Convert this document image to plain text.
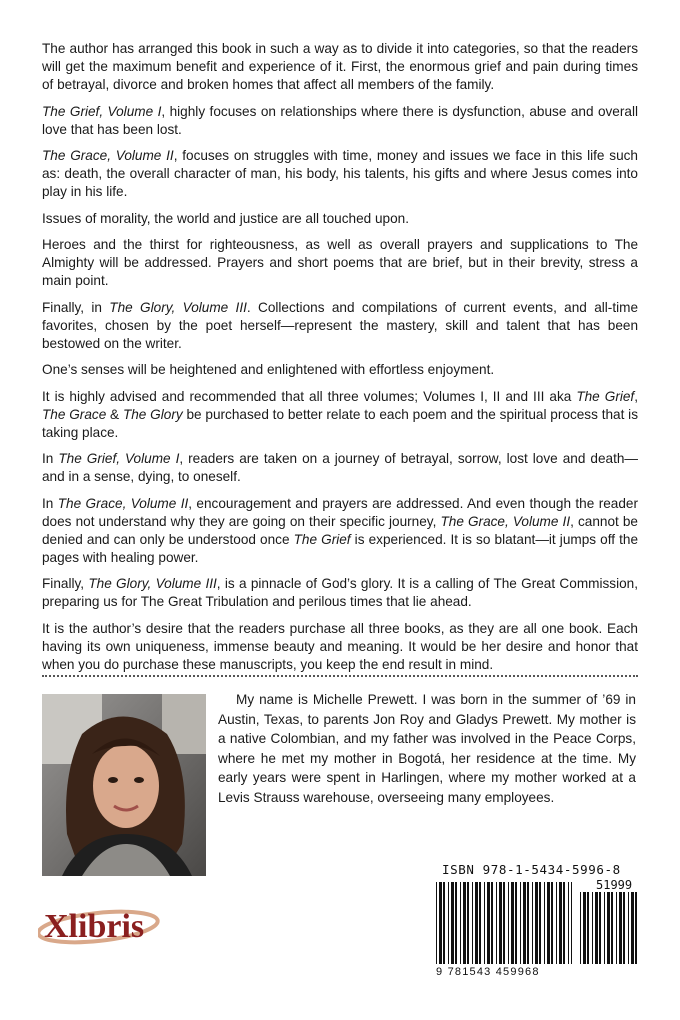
The author has arranged this book in such a way as to divide it into categories, so that the readers will get the maximum benefit and experience of it. First, the enormous grief and pain during times of betrayal, divorce and broken homes that affect all members of the family.

The Grief, Volume I, highly focuses on relationships where there is dysfunction, abuse and overall love that has been lost.

The Grace, Volume II, focuses on struggles with time, money and issues we face in this life such as: death, the overall character of man, his body, his talents, his gifts and where Jesus comes into play in his life.

Issues of morality, the world and justice are all touched upon.

Heroes and the thirst for righteousness, as well as overall prayers and supplications to The Almighty will be addressed. Prayers and short poems that are brief, but in their brevity, stress a main point.

Finally, in The Glory, Volume III. Collections and compilations of current events, and all-time favorites, chosen by the poet herself—represent the mastery, skill and talent that has been bestowed on the writer.

One’s senses will be heightened and enlightened with effortless enjoyment.

It is highly advised and recommended that all three volumes; Volumes I, II and III aka The Grief, The Grace & The Glory be purchased to better relate to each poem and the spiritual process that is taking place.

In The Grief, Volume I, readers are taken on a journey of betrayal, sorrow, lost love and death—and in a sense, dying, to oneself.

In The Grace, Volume II, encouragement and prayers are addressed. And even though the reader does not understand why they are going on their specific journey, The Grace, Volume II, cannot be denied and can only be understood once The Grief is experienced. It is so blatant—it jumps off the pages with healing power.

Finally, The Glory, Volume III, is a pinnacle of God’s glory. It is a calling of The Great Commission, preparing us for The Great Tribulation and perilous times that lie ahead.

It is the author’s desire that the readers purchase all three books, as they are all one book. Each having its own uniqueness, immense beauty and meaning. It would be her desire and honor that when you do purchase these manuscripts, you keep the end result in mind.

My name is Michelle Prewett. I was born in the summer of ’69 in Austin, Texas, to parents Jon Roy and Gladys Prewett. My mother is a native Colombian, and my father was involved in the Peace Corps, where he met my mother in Bogotá, her residence at the time. My early years were spent in Harlingen, where my mother worked at a Levis Strauss warehouse, overseeing many employees.

Xlibris
ISBN 978-1-5434-5996-8
51999
9 781543 459968
